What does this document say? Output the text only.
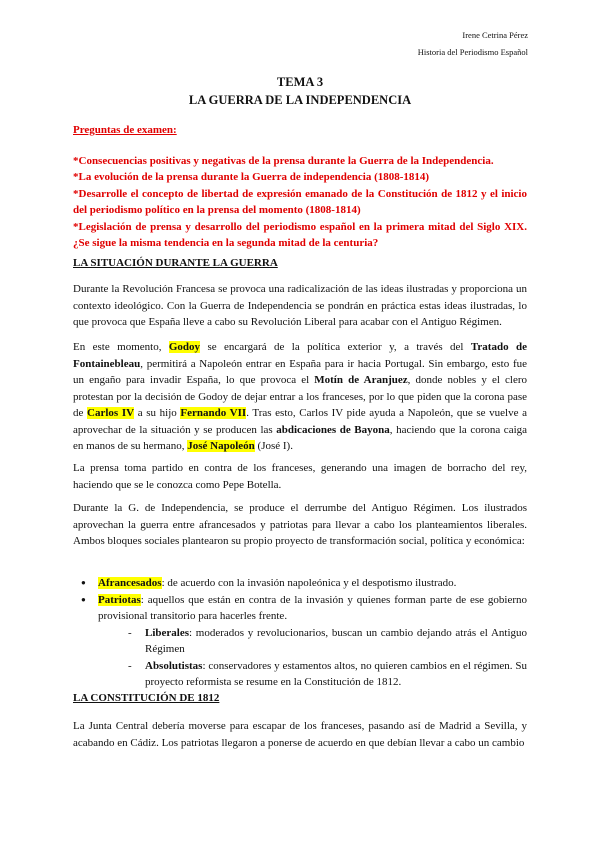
Irene Cetrina Pérez
Historia del Periodismo Español
TEMA 3
LA GUERRA DE LA INDEPENDENCIA

Preguntas de examen:

*Consecuencias positivas y negativas de la prensa durante la Guerra de la Independencia.

*La evolución de la prensa durante la Guerra de independencia (1808-1814)

*Desarrolle el concepto de libertad de expresión emanado de la Constitución de 1812 y el inicio del periodismo político en la prensa del momento (1808-1814)

*Legislación de prensa y desarrollo del periodismo español en la primera mitad del Siglo XIX. ¿Se sigue la misma tendencia en la segunda mitad de la centuria?

LA SITUACIÓN DURANTE LA GUERRA
Durante la Revolución Francesa se provoca una radicalización de las ideas ilustradas y proporciona un contexto ideológico. Con la Guerra de Independencia se pondrán en práctica estas ideas ilustradas, lo que provoca que España lleve a cabo su Revolución Liberal para acabar con el Antiguo Régimen.
En este momento, Godoy se encargará de la política exterior y, a través del Tratado de Fontainebleau, permitirá a Napoleón entrar en España para ir hacia Portugal. Sin embargo, esto fue un engaño para invadir España, lo que provoca el Motín de Aranjuez, donde nobles y el clero protestan por la decisión de Godoy de dejar entrar a los franceses, por lo que piden que la corona pase de Carlos IV a su hijo Fernando VII. Tras esto, Carlos IV pide ayuda a Napoleón, que se vuelve a aprovechar de la situación y se producen las abdicaciones de Bayona, haciendo que la corona caiga en manos de su hermano, José Napoleón (José I).
La prensa toma partido en contra de los franceses, generando una imagen de borracho del rey, haciendo que se le conozca como Pepe Botella.
Durante la G. de Independencia, se produce el derrumbe del Antiguo Régimen. Los ilustrados aprovechan la guerra entre afrancesados y patriotas para llevar a cabo los planteamientos liberales. Ambos bloques sociales plantearon su propio proyecto de transformación social, política y económica:
● Afrancesados: de acuerdo con la invasión napoleónica y el despotismo ilustrado.
● Patriotas: aquellos que están en contra de la invasión y quienes forman parte de ese gobierno provisional transitorio para hacerles frente.
- Liberales: moderados y revolucionarios, buscan un cambio dejando atrás el Antiguo Régimen
- Absolutistas: conservadores y estamentos altos, no quieren cambios en el régimen. Su proyecto reformista se resume en la Constitución de 1812.
LA CONSTITUCIÓN DE 1812
La Junta Central debería moverse para escapar de los franceses, pasando así de Madrid a Sevilla, y acabando en Cádiz. Los patriotas llegaron a ponerse de acuerdo en que debían llevar a cabo un cambio
